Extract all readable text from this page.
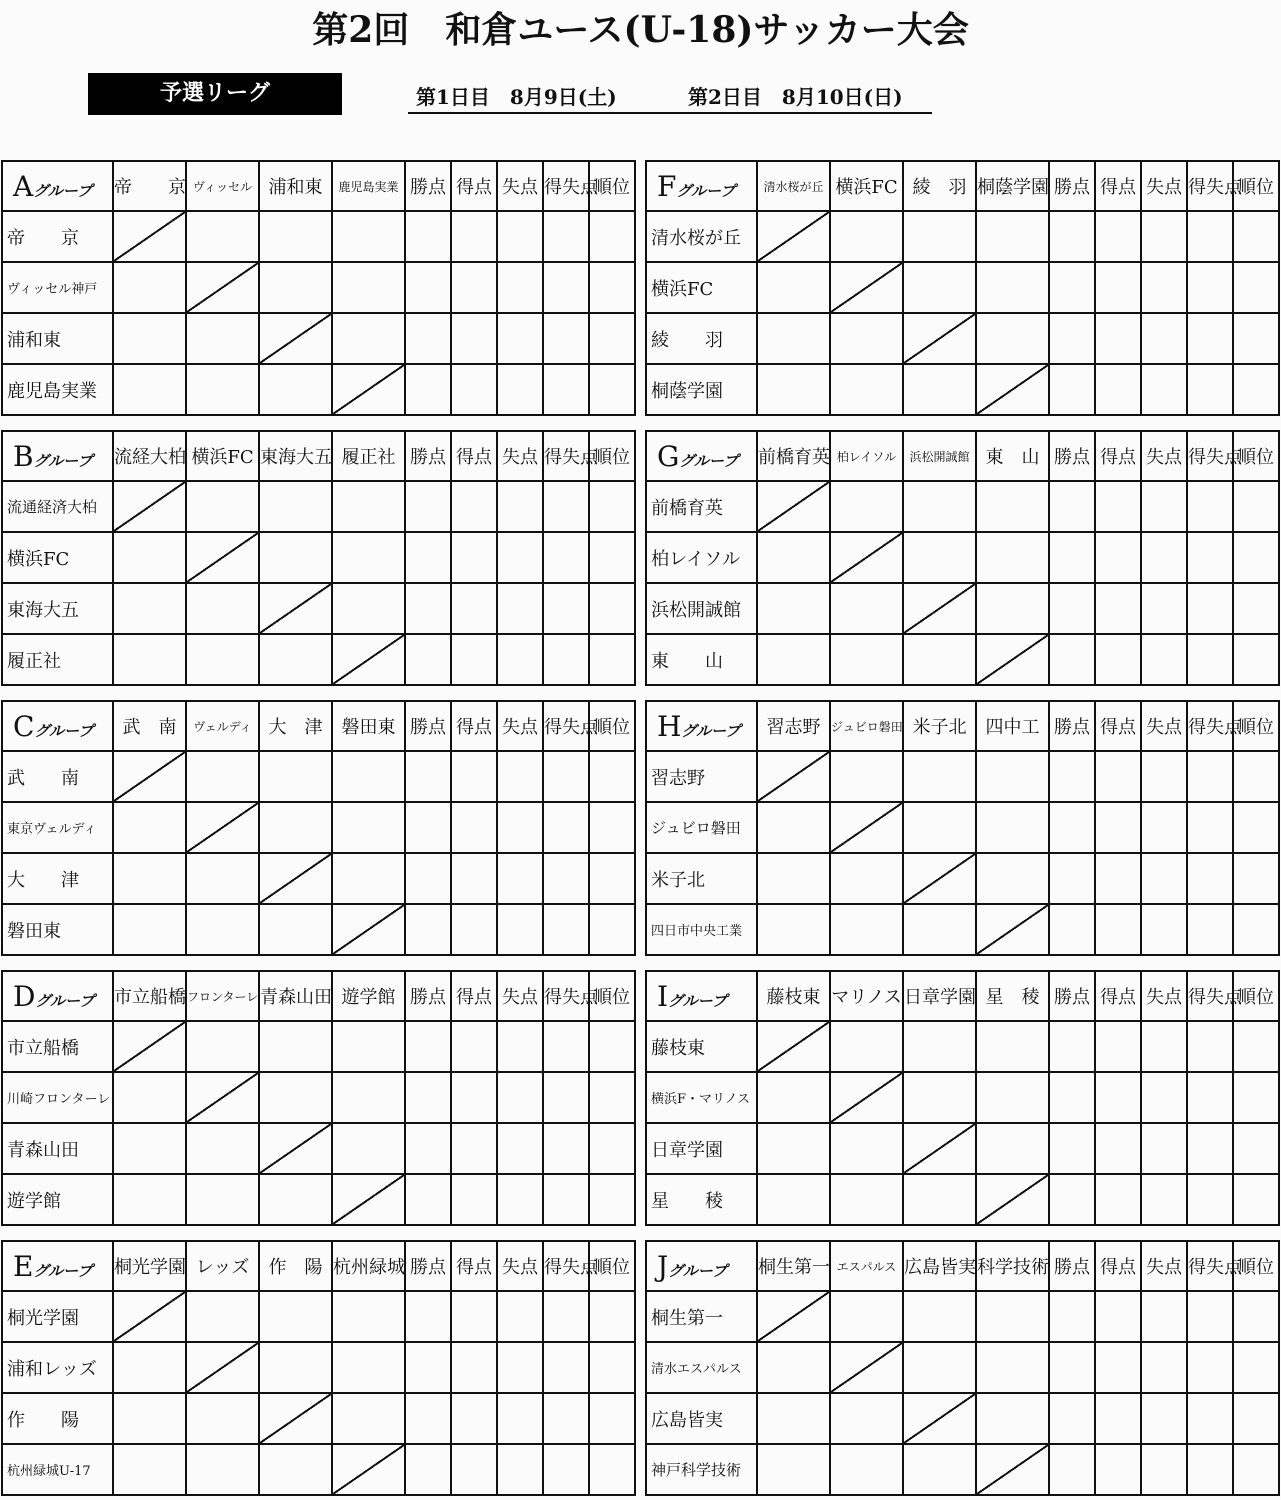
第2回　和倉ユース(U-18)サッカー大会
予選リーグ	第1日目　8月9日(土)	第2日目　8月10日(日)
Aグループ	帝　　京	ヴィッセル	浦和東	鹿児島実業	勝点	得点	失点	得失点	順位
帝　　京									
ヴィッセル神戸									
浦和東									
鹿児島実業									
Fグループ	清水桜が丘	横浜FC	綾　羽	桐蔭学園	勝点	得点	失点	得失点	順位
清水桜が丘									
横浜FC									
綾　　羽									
桐蔭学園									
Bグループ	流経大柏	横浜FC	東海大五	履正社	勝点	得点	失点	得失点	順位
流通経済大柏									
横浜FC									
東海大五									
履正社									
Gグループ	前橋育英	柏レイソル	浜松開誠館	東　山	勝点	得点	失点	得失点	順位
前橋育英									
柏レイソル									
浜松開誠館									
東　　山									
Cグループ	武　南	ヴェルディ	大　津	磐田東	勝点	得点	失点	得失点	順位
武　　南									
東京ヴェルディ									
大　　津									
磐田東									
Hグループ	習志野	ジュビロ磐田	米子北	四中工	勝点	得点	失点	得失点	順位
習志野									
ジュビロ磐田									
米子北									
四日市中央工業									
Dグループ	市立船橋	フロンターレ	青森山田	遊学館	勝点	得点	失点	得失点	順位
市立船橋									
川崎フロンターレ									
青森山田									
遊学館									
Iグループ	藤枝東	マリノス	日章学園	星　稜	勝点	得点	失点	得失点	順位
藤枝東									
横浜F・マリノス									
日章学園									
星　　稜									
Eグループ	桐光学園	レッズ	作　陽	杭州緑城	勝点	得点	失点	得失点	順位
桐光学園									
浦和レッズ									
作　　陽									
杭州緑城U-17									
Jグループ	桐生第一	エスパルス	広島皆実	科学技術	勝点	得点	失点	得失点	順位
桐生第一									
清水エスパルス									
広島皆実									
神戸科学技術									
